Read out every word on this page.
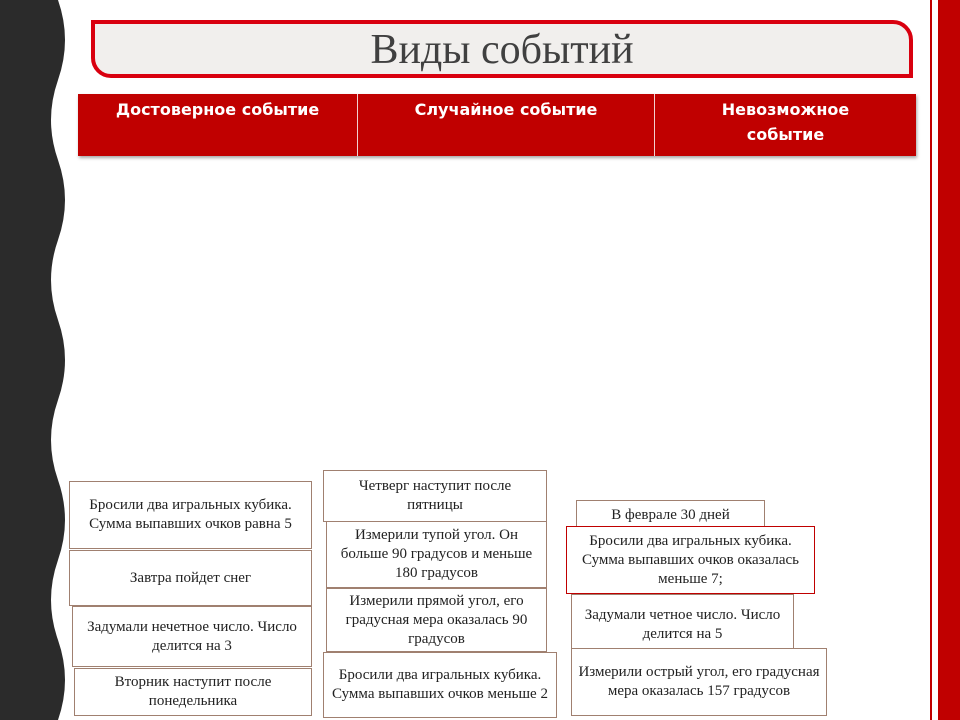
Виды событий
Достоверное событие	Случайное событие	Невозможное событие
Бросили два игральных кубика. Сумма выпавших очков равна 5
Завтра пойдет снег
Задумали нечетное число. Число делится на 3
Вторник наступит после понедельника
Четверг наступит после пятницы
Измерили тупой угол. Он больше 90 градусов и меньше 180 градусов
Измерили прямой угол, его градусная мера оказалась 90 градусов
Бросили два игральных кубика. Сумма выпавших очков меньше 2
В феврале 30 дней
Бросили два игральных кубика. Сумма выпавших очков оказалась меньше 7;
Задумали четное число. Число делится на 5
Измерили острый угол, его градусная мера оказалась 157 градусов
